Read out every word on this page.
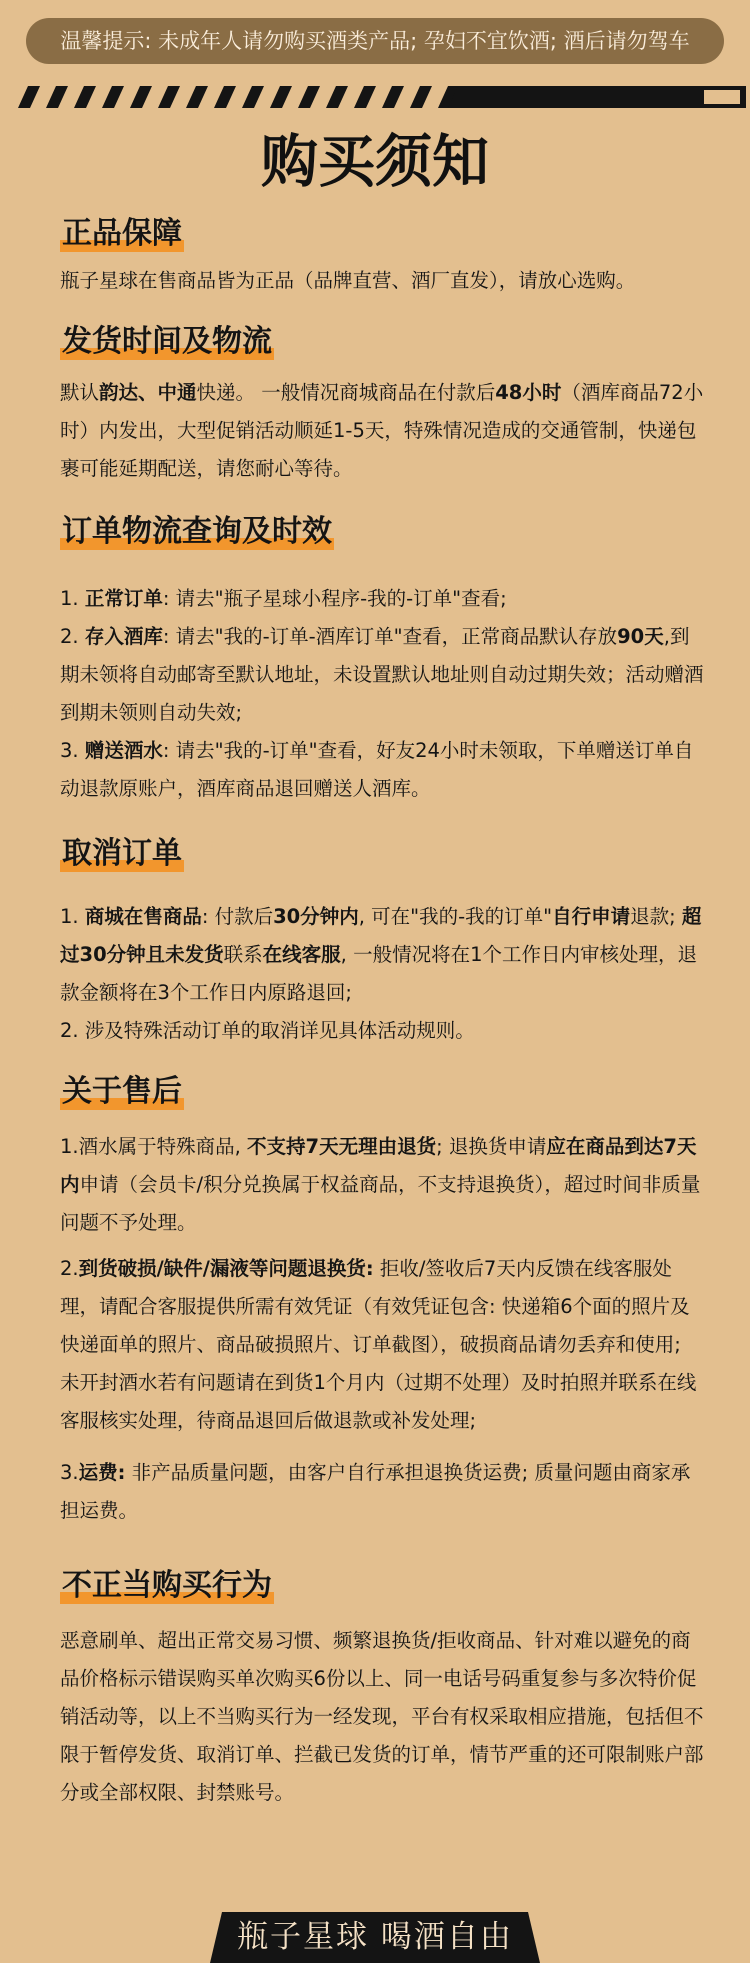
温馨提示: 未成年人请勿购买酒类产品; 孕妇不宜饮酒; 酒后请勿驾车
购买须知
正品保障
瓶子星球在售商品皆为正品（品牌直营、酒厂直发），请放心选购。
发货时间及物流
默认韵达、中通快递。 一般情况商城商品在付款后48小时（酒库商品72小时）内发出，大型促销活动顺延1-5天，特殊情况造成的交通管制，快递包裹可能延期配送，请您耐心等待。
订单物流查询及时效
1. 正常订单: 请去"瓶子星球小程序-我的-订单"查看;
2. 存入酒库: 请去"我的-订单-酒库订单"查看，正常商品默认存放90天,到期未领将自动邮寄至默认地址，未设置默认地址则自动过期失效；活动赠酒到期未领则自动失效;
3. 赠送酒水: 请去"我的-订单"查看，好友24小时未领取，下单赠送订单自动退款原账户，酒库商品退回赠送人酒库。
取消订单
1. 商城在售商品: 付款后30分钟内, 可在"我的-我的订单"自行申请退款; 超过30分钟且未发货联系在线客服, 一般情况将在1个工作日内审核处理，退款金额将在3个工作日内原路退回;
2. 涉及特殊活动订单的取消详见具体活动规则。
关于售后
1.酒水属于特殊商品, 不支持7天无理由退货; 退换货申请应在商品到达7天内申请（会员卡/积分兑换属于权益商品，不支持退换货），超过时间非质量问题不予处理。
2.到货破损/缺件/漏液等问题退换货: 拒收/签收后7天内反馈在线客服处理，请配合客服提供所需有效凭证（有效凭证包含: 快递箱6个面的照片及快递面单的照片、商品破损照片、订单截图），破损商品请勿丢弃和使用; 未开封酒水若有问题请在到货1个月内（过期不处理）及时拍照并联系在线客服核实处理，待商品退回后做退款或补发处理;
3.运费: 非产品质量问题，由客户自行承担退换货运费; 质量问题由商家承担运费。
不正当购买行为
恶意刷单、超出正常交易习惯、频繁退换货/拒收商品、针对难以避免的商品价格标示错误购买单次购买6份以上、同一电话号码重复参与多次特价促销活动等，以上不当购买行为一经发现，平台有权采取相应措施，包括但不限于暂停发货、取消订单、拦截已发货的订单，情节严重的还可限制账户部分或全部权限、封禁账号。
瓶子星球 喝酒自由
